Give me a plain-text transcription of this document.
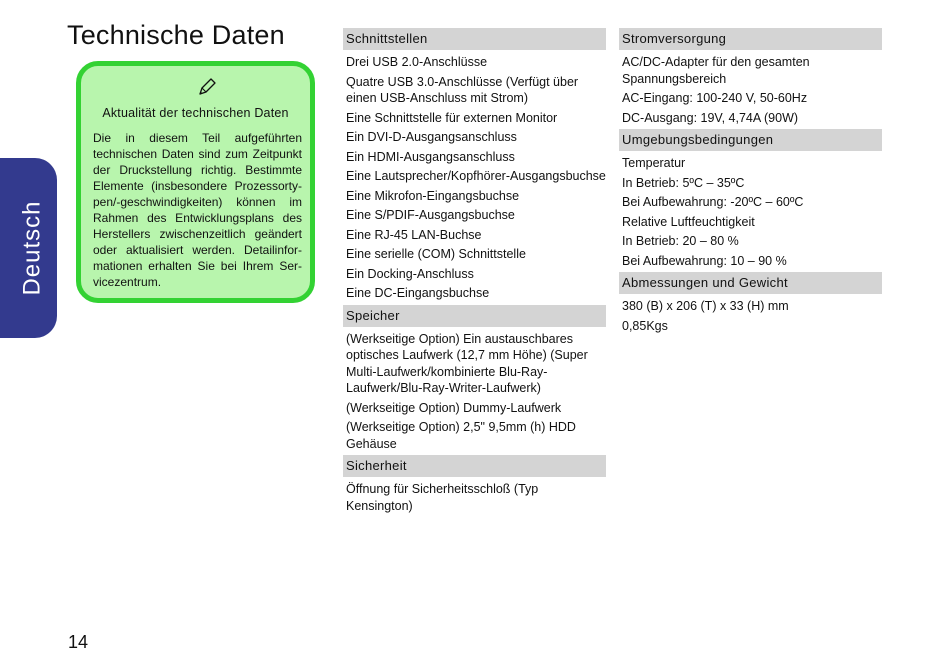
Technische Daten
Deutsch
Aktualität der technischen Daten
Die in diesem Teil aufgeführten technischen Daten sind zum Zeitpunkt der Druckstellung richtig. Bestimmte Elemente (insbesondere Prozessorty-pen/-geschwindigkeiten) können im Rahmen des Entwicklungsplans des Herstellers zwischenzeitlich geändert oder aktualisiert werden. Detailinfor-mationen erhalten Sie bei Ihrem Ser-vicezentrum.
Schnittstellen
Drei USB 2.0-Anschlüsse
Quatre USB 3.0-Anschlüsse (Verfügt über einen USB-Anschluss mit Strom)
Eine Schnittstelle für externen Monitor
Ein DVI-D-Ausgangsanschluss
Ein HDMI-Ausgangsanschluss
Eine Lautsprecher/Kopfhörer-Ausgangsbuchse
Eine Mikrofon-Eingangsbuchse
Eine S/PDIF-Ausgangsbuchse
Eine RJ-45 LAN-Buchse
Eine serielle (COM) Schnittstelle
Ein Docking-Anschluss
Eine DC-Eingangsbuchse
Speicher
(Werkseitige Option) Ein austauschbares optisches Laufwerk (12,7 mm Höhe) (Super Multi-Laufwerk/kombinierte Blu-Ray-Laufwerk/Blu-Ray-Writer-Laufwerk)
(Werkseitige Option) Dummy-Laufwerk
(Werkseitige Option) 2,5" 9,5mm (h) HDD Gehäuse
Sicherheit
Öffnung für Sicherheitsschloß (Typ Kensington)
Stromversorgung
AC/DC-Adapter für den gesamten Spannungsbereich
AC-Eingang: 100-240 V, 50-60Hz
DC-Ausgang: 19V, 4,74A (90W)
Umgebungsbedingungen
Temperatur
In Betrieb: 5ºC – 35ºC
Bei Aufbewahrung: -20ºC – 60ºC
Relative Luftfeuchtigkeit
In Betrieb: 20 – 80 %
Bei Aufbewahrung: 10 – 90 %
Abmessungen und Gewicht
380 (B) x 206 (T) x 33 (H) mm
0,85Kgs
14
